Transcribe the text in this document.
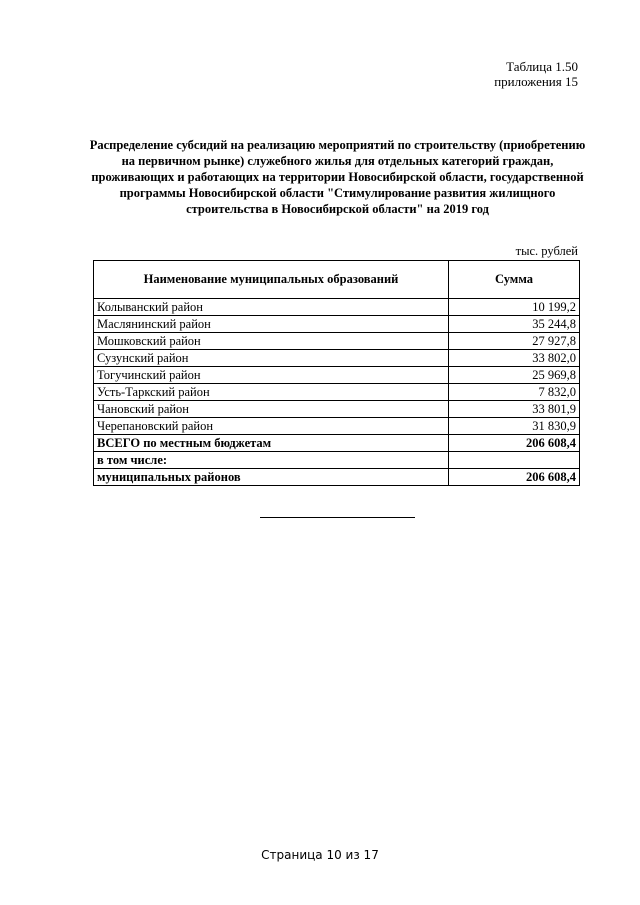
Таблица 1.50
приложения 15
Распределение субсидий на реализацию мероприятий по строительству (приобретению на первичном рынке) служебного жилья для отдельных категорий граждан, проживающих и работающих на территории Новосибирской области, государственной программы Новосибирской области "Стимулирование развития жилищного строительства в Новосибирской области" на 2019 год
тыс. рублей
Наименование муниципальных образований	Сумма
Колыванский район	10 199,2
Маслянинский район	35 244,8
Мошковский район	27 927,8
Сузунский район	33 802,0
Тогучинский район	25 969,8
Усть-Таркский район	7 832,0
Чановский район	33 801,9
Черепановский район	31 830,9
ВСЕГО по местным бюджетам	206 608,4
в том числе:	
муниципальных районов	206 608,4
Страница 10 из 17
